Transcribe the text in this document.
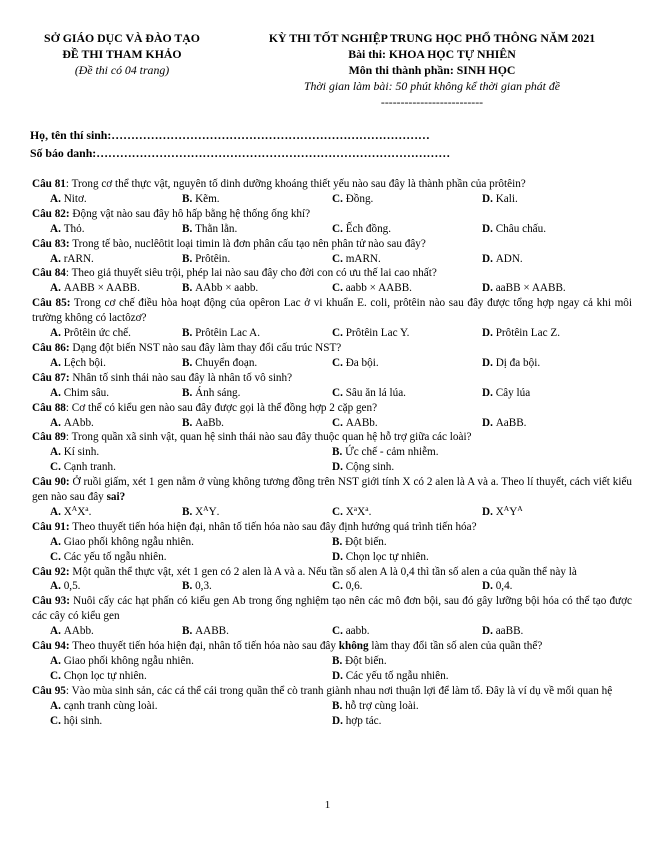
SỞ GIÁO DỤC VÀ ĐÀO TẠO
ĐỀ THI THAM KHẢO
(Đề thi có 04 trang)
KỲ THI TỐT NGHIỆP TRUNG HỌC PHỔ THÔNG NĂM 2021
Bài thi: KHOA HỌC TỰ NHIÊN
Môn thi thành phần: SINH HỌC
Thời gian làm bài: 50 phút không kể thời gian phát đề
--------------------------
Họ, tên thí sinh:………………………………………………………………………
Số báo danh:………………………………………………………………………………
Câu 81: Trong cơ thể thực vật, nguyên tố dinh dưỡng khoáng thiết yếu nào sau đây là thành phần của prôtêin?
A. Nitơ.	B. Kẽm.	C. Đồng.	D. Kali.
Câu 82: Động vật nào sau đây hô hấp bằng hệ thống ống khí?
A. Thỏ.	B. Thằn lằn.	C. Ếch đồng.	D. Châu chấu.
Câu 83: Trong tế bào, nuclêôtit loại timin là đơn phân cấu tạo nên phân tử nào sau đây?
A. rARN.	B. Prôtêin.	C. mARN.	D. ADN.
Câu 84: Theo giả thuyết siêu trội, phép lai nào sau đây cho đời con có ưu thế lai cao nhất?
A. AABB × AABB.	B. AAbb × aabb.	C. aabb × AABB.	D. aaBB × AABB.
Câu 85: Trong cơ chế điều hòa hoạt động của opêron Lac ở vi khuẩn E. coli, prôtêin nào sau đây được tổng hợp ngay cả khi môi trường không có lactôzơ?
A. Prôtêin ức chế.	B. Prôtêin Lac A.	C. Prôtêin Lac Y.	D. Prôtêin Lac Z.
Câu 86: Dạng đột biến NST nào sau đây làm thay đổi cấu trúc NST?
A. Lệch bội.	B. Chuyển đoạn.	C. Đa bội.	D. Dị đa bội.
Câu 87: Nhân tố sinh thái nào sau đây là nhân tố vô sinh?
A. Chim sâu.	B. Ánh sáng.	C. Sâu ăn lá lúa.	D. Cây lúa
Câu 88: Cơ thể có kiểu gen nào sau đây được gọi là thể đồng hợp 2 cặp gen?
A. AAbb.	B. AaBb.	C. AABb.	D. AaBB.
Câu 89: Trong quần xã sinh vật, quan hệ sinh thái nào sau đây thuộc quan hệ hỗ trợ giữa các loài?
A. Kí sinh.	B. Ức chế - cảm nhiễm.
C. Cạnh tranh.	D. Cộng sinh.
Câu 90: Ở ruồi giấm, xét 1 gen nằm ở vùng không tương đồng trên NST giới tính X có 2 alen là A và a. Theo lí thuyết, cách viết kiểu gen nào sau đây sai?
A. $X^AX^a$.	B. $X^AY$.	C. $X^aX^a$.	D. $X^AY^A$
Câu 91: Theo thuyết tiến hóa hiện đại, nhân tố tiến hóa nào sau đây định hướng quá trình tiến hóa?
A. Giao phối không ngẫu nhiên.	B. Đột biến.
C. Các yếu tố ngẫu nhiên.	D. Chọn lọc tự nhiên.
Câu 92: Một quần thể thực vật, xét 1 gen có 2 alen là A và a. Nếu tần số alen A là 0,4 thì tần số alen a của quần thể này là
A. 0,5.	B. 0,3.	C. 0,6.	D. 0,4.
Câu 93: Nuôi cấy các hạt phấn có kiểu gen Ab trong ống nghiệm tạo nên các mô đơn bội, sau đó gây lưỡng bội hóa có thể tạo được các cây có kiểu gen
A. AAbb.	B. AABB.	C. aabb.	D. aaBB.
Câu 94: Theo thuyết tiến hóa hiện đại, nhân tố tiến hóa nào sau đây không làm thay đổi tần số alen của quần thể?
A. Giao phối không ngẫu nhiên.	B. Đột biến.
C. Chọn lọc tự nhiên.	D. Các yếu tố ngẫu nhiên.
Câu 95: Vào mùa sinh sản, các cá thể cái trong quần thể cò tranh giành nhau nơi thuận lợi để làm tổ. Đây là ví dụ về mối quan hệ
A. cạnh tranh cùng loài.	B. hỗ trợ cùng loài.
C. hội sinh.	D. hợp tác.
1
